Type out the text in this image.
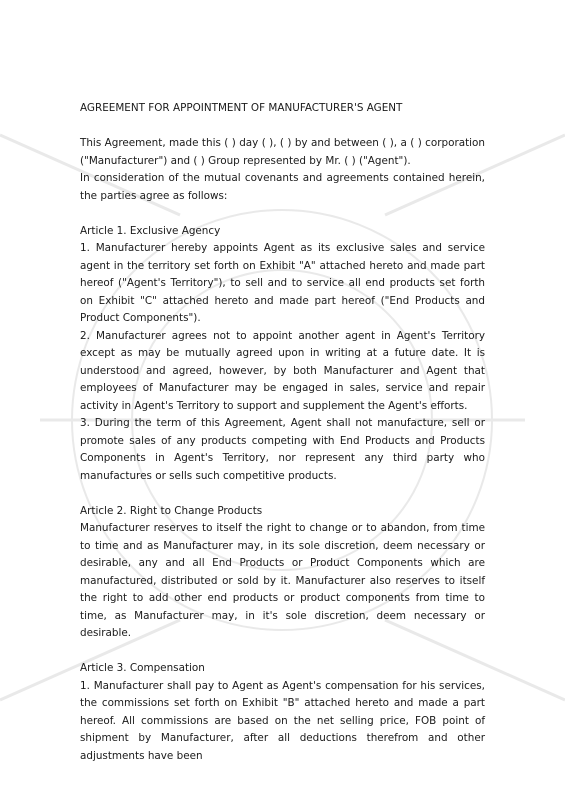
AGREEMENT FOR APPOINTMENT OF MANUFACTURER'S AGENT

This Agreement, made this ( ) day ( ), ( ) by and between ( ), a ( ) corporation ("Manufacturer") and ( ) Group represented by Mr. ( ) ("Agent").

In consideration of the mutual covenants and agreements contained herein, the parties agree as follows:

Article 1. Exclusive Agency

1. Manufacturer hereby appoints Agent as its exclusive sales and service agent in the territory set forth on Exhibit "A" attached hereto and made part hereof ("Agent's Territory"), to sell and to service all end products set forth on Exhibit "C" attached hereto and made part hereof ("End Products and Product Components").

2. Manufacturer agrees not to appoint another agent in Agent's Territory except as may be mutually agreed upon in writing at a future date. It is understood and agreed, however, by both Manufacturer and Agent that employees of Manufacturer may be engaged in sales, service and repair activity in Agent's Territory to support and supplement the Agent's efforts.

3. During the term of this Agreement, Agent shall not manufacture, sell or promote sales of any products competing with End Products and Products Components in Agent's Territory, nor represent any third party who manufactures or sells such competitive products.

Article 2. Right to Change Products

Manufacturer reserves to itself the right to change or to abandon, from time to time and as Manufacturer may, in its sole discretion, deem necessary or desirable, any and all End Products or Product Components which are manufactured, distributed or sold by it. Manufacturer also reserves to itself the right to add other end products or product components from time to time, as Manufacturer may, in it's sole discretion, deem necessary or desirable.

Article 3. Compensation

1. Manufacturer shall pay to Agent as Agent's compensation for his services, the commissions set forth on Exhibit "B" attached hereto and made a part hereof. All commissions are based on the net selling price, FOB point of shipment by Manufacturer, after all deductions therefrom and other adjustments have been
